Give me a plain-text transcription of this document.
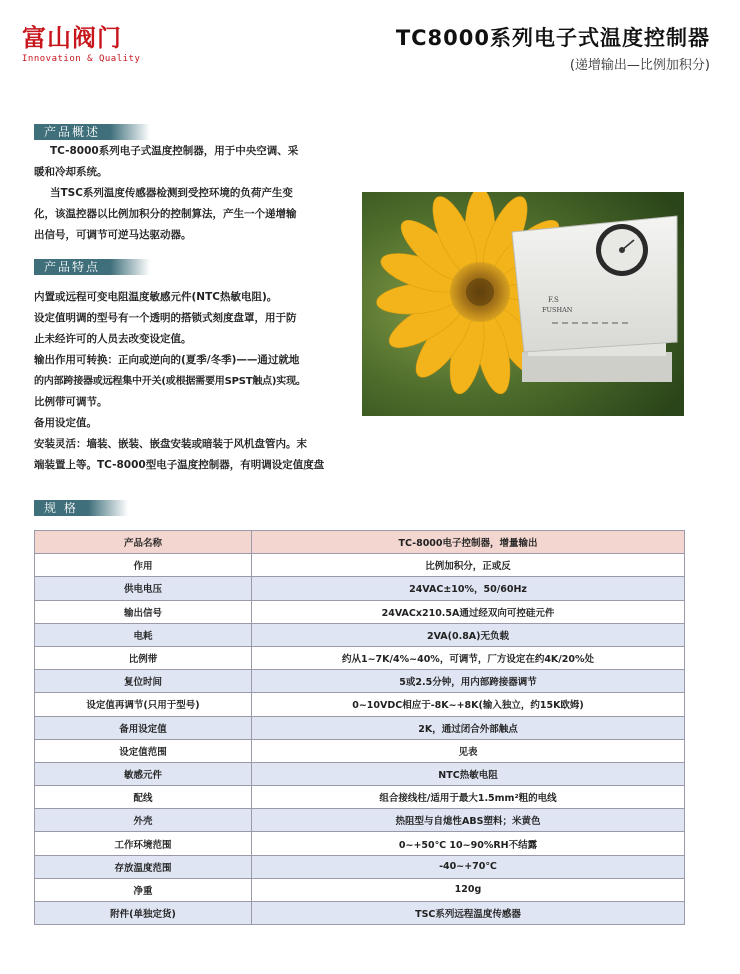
富山阀门
Innovation & Quality
TC8000系列电子式温度控制器
(递增输出—比例加积分)
产品概述

TC-8000系列电子式温度控制器，用于中央空调、采
暖和冷却系统。
当TSC系列温度传感器检测到受控环境的负荷产生变
化，该温控器以比例加积分的控制算法，产生一个递增输
出信号，可调节可逆马达驱动器。

产品特点

内置或远程可变电阻温度敏感元件(NTC热敏电阻)。
设定值明调的型号有一个透明的搭锁式刻度盘罩，用于防
止未经许可的人员去改变设定值。
输出作用可转换：正向或逆向的(夏季/冬季)——通过就地
的内部跨接器或远程集中开关(或根据需要用SPST触点)实现。
比例带可调节。
备用设定值。
安装灵活：墙装、嵌装、嵌盘安装或暗装于风机盘管内。末
端装置上等。TC-8000型电子温度控制器，有明调设定值度盘

F.S
FUSHAN
规 格
产品名称	TC-8000电子控制器，增量输出
作用	比例加积分，正或反
供电电压	24VAC±10%，50/60Hz
输出信号	24VACx210.5A通过经双向可控硅元件
电耗	2VA(0.8A)无负载
比例带	约从1~7K/4%~40%，可调节，厂方设定在约4K/20%处
复位时间	5或2.5分钟，用内部跨接器调节
设定值再调节(只用于型号)	0~10VDC相应于-8K~+8K(输入独立，约15K欧姆)
备用设定值	2K，通过闭合外部触点
设定值范围	见表
敏感元件	NTC热敏电阻
配线	组合接线柱/适用于最大1.5mm²粗的电线
外壳	热阻型与自熄性ABS塑料；米黄色
工作环境范围	0~+50℃ 10~90%RH不结露
存放温度范围	-40~+70℃
净重	120g
附件(单独定货)	TSC系列远程温度传感器
